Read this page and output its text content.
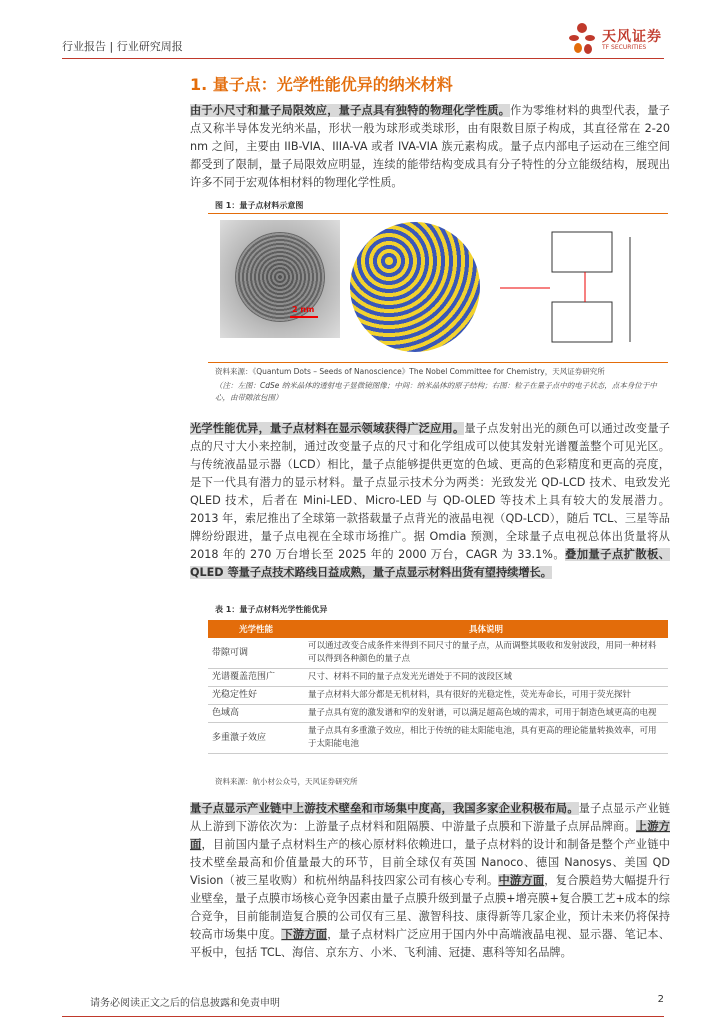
行业报告 | 行业研究周报
天风证券
TF SECURITIES
1. 量子点：光学性能优异的纳米材料
由于小尺寸和量子局限效应，量子点具有独特的物理化学性质。作为零维材料的典型代表，量子点又称半导体发光纳米晶，形状一般为球形或类球形，由有限数目原子构成，其直径常在 2-20 nm 之间，主要由 IIB-VIA、IIIA-VA 或者 IVA-VIA 族元素构成。量子点内部电子运动在三维空间都受到了限制，量子局限效应明显，连续的能带结构变成具有分子特性的分立能级结构，展现出许多不同于宏观体相材料的物理化学性质。
图 1：量子点材料示意图
2 nm
资料来源：《Quantum Dots – Seeds of Nanoscience》The Nobel Committee for Chemistry，天风证券研究所
（注：左图：CdSe 纳米晶体的透射电子显微镜图像；中间：纳米晶体的原子结构；右图：粒子在量子点中的电子状态，点本身位于中心，由带隙浓包围）
光学性能优异，量子点材料在显示领域获得广泛应用。量子点发射出光的颜色可以通过改变量子点的尺寸大小来控制，通过改变量子点的尺寸和化学组成可以使其发射光谱覆盖整个可见光区。与传统液晶显示器（LCD）相比，量子点能够提供更宽的色域、更高的色彩精度和更高的亮度，是下一代具有潜力的显示材料。量子点显示技术分为两类：光致发光 QD-LCD 技术、电致发光 QLED 技术，后者在 Mini-LED、Micro-LED 与 QD-OLED 等技术上具有较大的发展潜力。2013 年，索尼推出了全球第一款搭载量子点背光的液晶电视（QD-LCD），随后 TCL、三星等品牌纷纷跟进，量子点电视在全球市场推广。据 Omdia 预测，全球量子点电视总体出货量将从 2018 年的 270 万台增长至 2025 年的 2000 万台，CAGR 为 33.1%。叠加量子点扩散板、QLED 等量子点技术路线日益成熟，量子点显示材料出货有望持续增长。
表 1：量子点材料光学性能优异
光学性能	具体说明
带隙可调	可以通过改变合成条件来得到不同尺寸的量子点，从而调整其吸收和发射波段，用同一种材料可以得到各种颜色的量子点
光谱覆盖范围广	尺寸、材料不同的量子点发光光谱处于不同的波段区域
光稳定性好	量子点材料大部分都是无机材料，具有很好的光稳定性，荧光寿命长，可用于荧光探针
色域高	量子点具有宽的激发谱和窄的发射谱，可以满足超高色域的需求，可用于制造色域更高的电视
多重激子效应	量子点具有多重激子效应，相比于传统的硅太阳能电池，具有更高的理论能量转换效率，可用于太阳能电池
资料来源：航小材公众号，天风证券研究所
量子点显示产业链中上游技术壁垒和市场集中度高，我国多家企业积极布局。量子点显示产业链从上游到下游依次为：上游量子点材料和阻隔膜、中游量子点膜和下游量子点屏品牌商。上游方面，目前国内量子点材料生产的核心原材料依赖进口，量子点材料的设计和制备是整个产业链中技术壁垒最高和价值量最大的环节，目前全球仅有英国 Nanoco、德国 Nanosys、美国 QD Vision（被三星收购）和杭州纳晶科技四家公司有核心专利。中游方面，复合膜趋势大幅提升行业壁垒，量子点膜市场核心竞争因素由量子点膜升级到量子点膜+增亮膜+复合膜工艺+成本的综合竞争，目前能制造复合膜的公司仅有三星、激智科技、康得新等几家企业，预计未来仍将保持较高市场集中度。下游方面，量子点材料广泛应用于国内外中高端液晶电视、显示器、笔记本、平板中，包括 TCL、海信、京东方、小米、飞利浦、冠捷、惠科等知名品牌。
请务必阅读正文之后的信息披露和免责申明	2
